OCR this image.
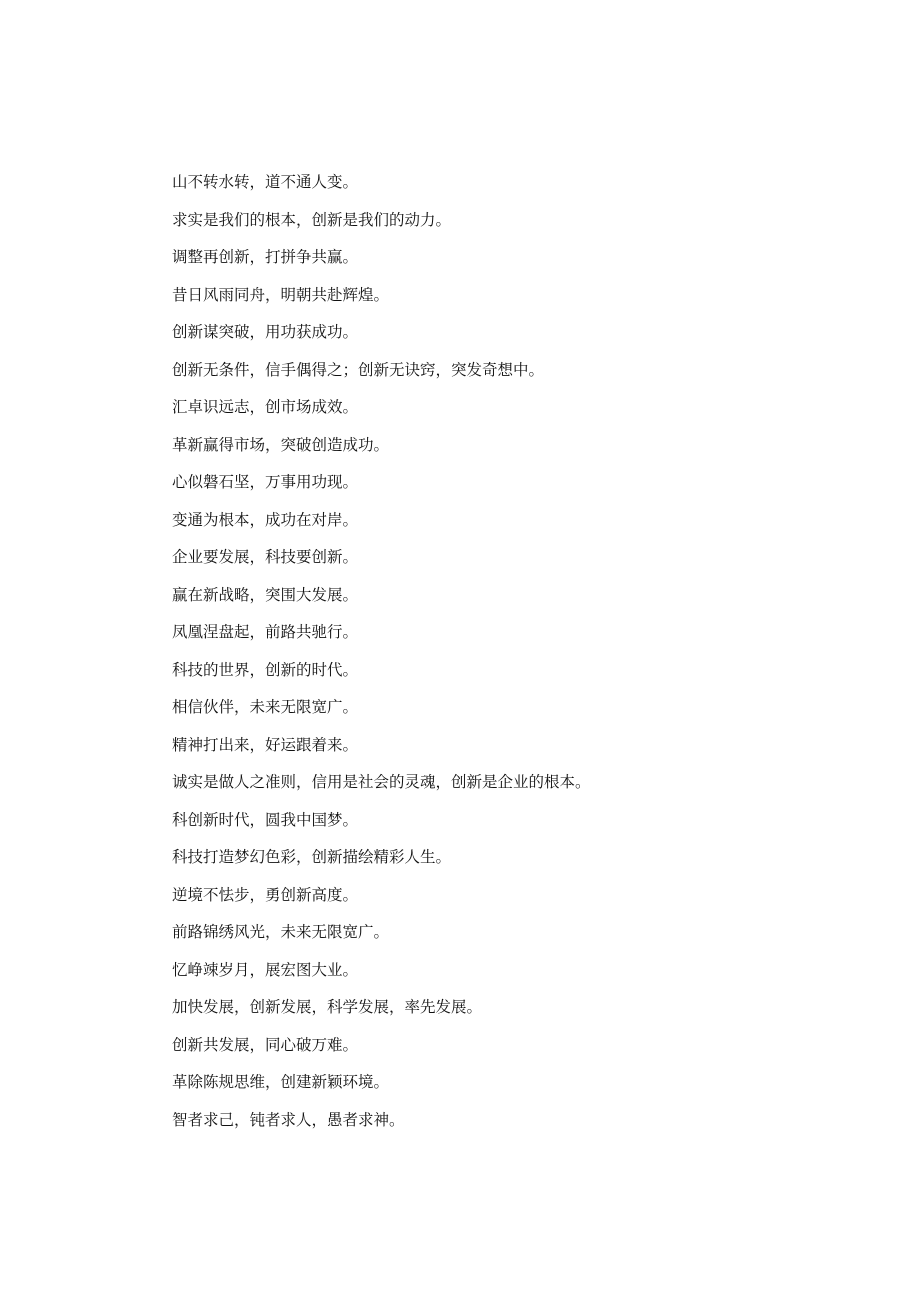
山不转水转，道不通人变。
求实是我们的根本，创新是我们的动力。
调整再创新，打拼争共赢。
昔日风雨同舟，明朝共赴辉煌。
创新谋突破，用功获成功。
创新无条件，信手偶得之；创新无诀窍，突发奇想中。
汇卓识远志，创市场成效。
革新赢得市场，突破创造成功。
心似磐石坚，万事用功现。
变通为根本，成功在对岸。
企业要发展，科技要创新。
赢在新战略，突围大发展。
凤凰涅盘起，前路共驰行。
科技的世界，创新的时代。
相信伙伴，未来无限宽广。
精神打出来，好运跟着来。
诚实是做人之准则，信用是社会的灵魂，创新是企业的根本。
科创新时代，圆我中国梦。
科技打造梦幻色彩，创新描绘精彩人生。
逆境不怯步，勇创新高度。
前路锦绣风光，未来无限宽广。
忆峥竦岁月，展宏图大业。
加快发展，创新发展，科学发展，率先发展。
创新共发展，同心破万难。
革除陈规思维，创建新颖环境。
智者求己，钝者求人，愚者求神。
